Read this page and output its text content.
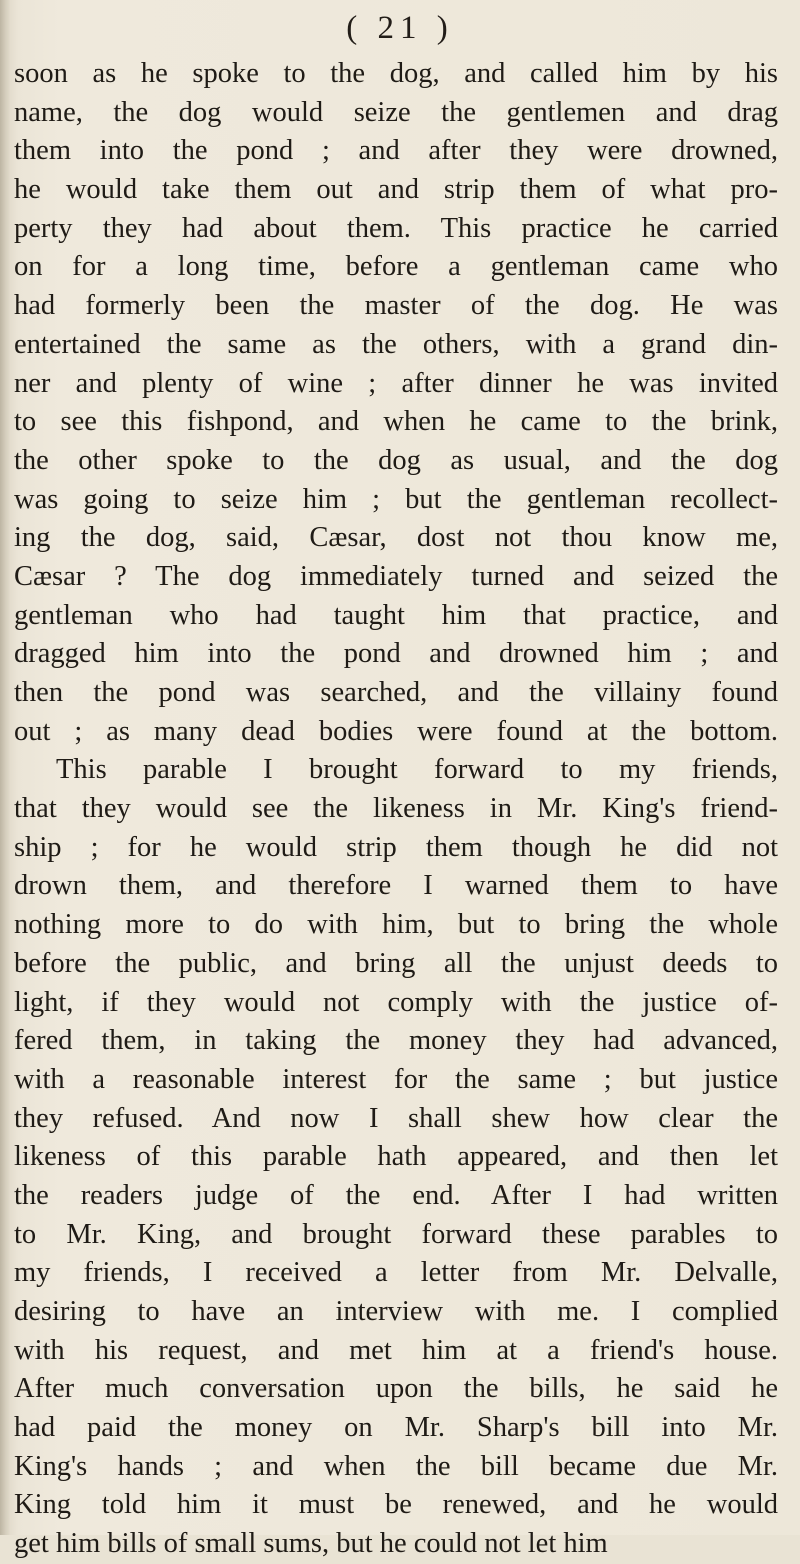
( 21 )
soon as he spoke to the dog, and called him by his
name, the dog would seize the gentlemen and drag
them into the pond ; and after they were drowned,
he would take them out and strip them of what pro-
perty they had about them. This practice he carried
on for a long time, before a gentleman came who
had formerly been the master of the dog. He was
entertained the same as the others, with a grand din-
ner and plenty of wine ; after dinner he was invited
to see this fishpond, and when he came to the brink,
the other spoke to the dog as usual, and the dog
was going to seize him ; but the gentleman recollect-
ing the dog, said, Cæsar, dost not thou know me,
Cæsar ? The dog immediately turned and seized the
gentleman who had taught him that practice, and
dragged him into the pond and drowned him ; and
then the pond was searched, and the villainy found
out ; as many dead bodies were found at the bottom.
This parable I brought forward to my friends,
that they would see the likeness in Mr. King's friend-
ship ; for he would strip them though he did not
drown them, and therefore I warned them to have
nothing more to do with him, but to bring the whole
before the public, and bring all the unjust deeds to
light, if they would not comply with the justice of-
fered them, in taking the money they had advanced,
with a reasonable interest for the same ; but justice
they refused. And now I shall shew how clear the
likeness of this parable hath appeared, and then let
the readers judge of the end. After I had written
to Mr. King, and brought forward these parables to
my friends, I received a letter from Mr. Delvalle,
desiring to have an interview with me. I complied
with his request, and met him at a friend's house.
After much conversation upon the bills, he said he
had paid the money on Mr. Sharp's bill into Mr.
King's hands ; and when the bill became due Mr.
King told him it must be renewed, and he would
get him bills of small sums, but he could not let him
